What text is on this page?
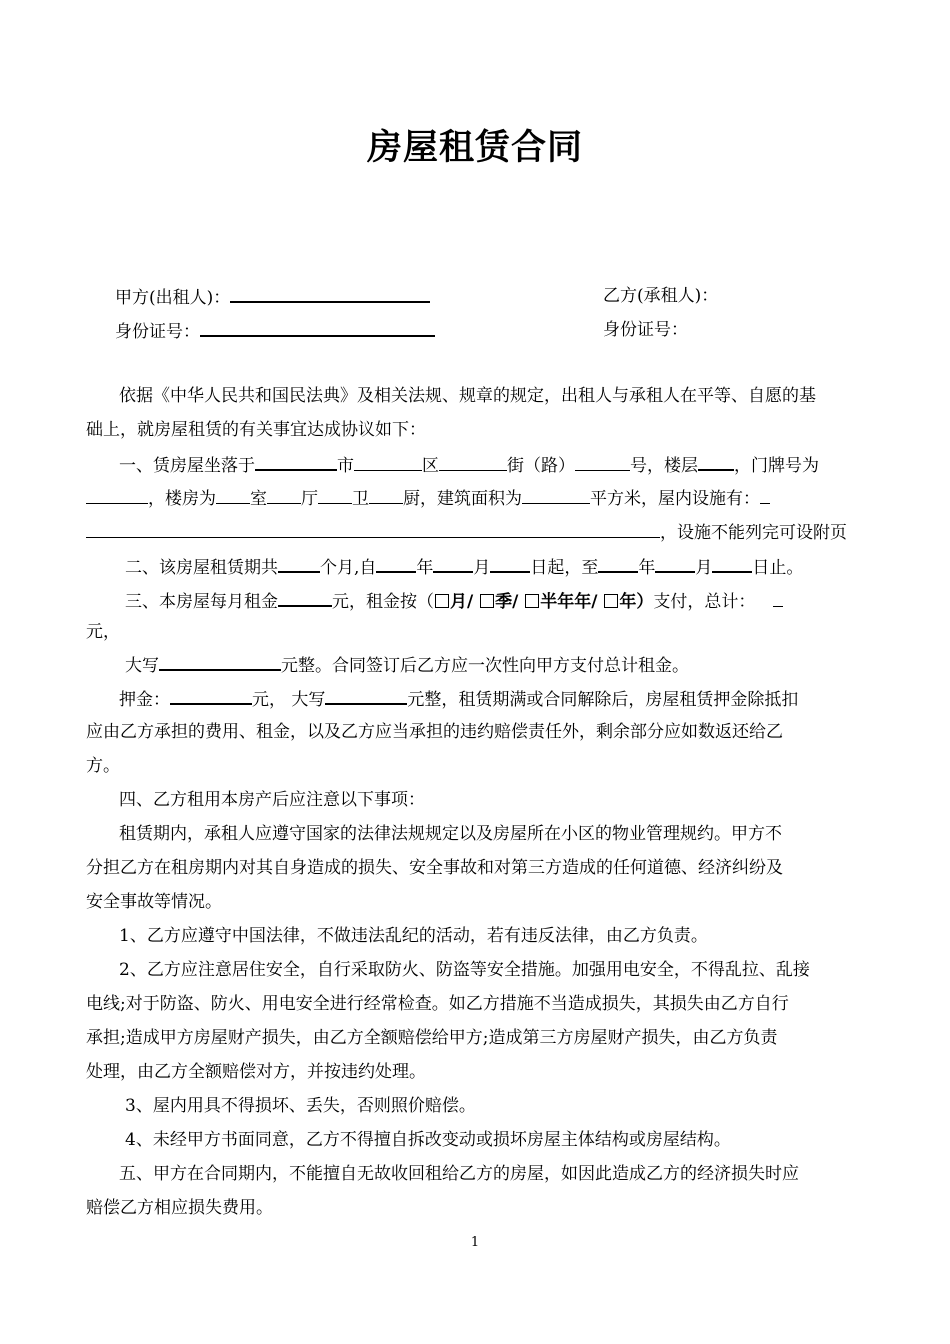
房屋租赁合同
甲方(出租人)：	乙方(承租人)：
身份证号：	身份证号：
依据《中华人民共和国民法典》及相关法规、规章的规定，出租人与承租人在平等、自愿的基
础上，就房屋租赁的有关事宜达成协议如下：
一、赁房屋坐落于	市	区	街（路）	号，楼层 ，门牌号为
，楼房为 室 厅 卫 厨，建筑面积为	平方米，屋内设施有：
，设施不能列完可设附页
二、该房屋租赁期共 个月,自 年 月 日起，至 年 月 日止。
三、本房屋每月租金	元，租金按（ 月/ 季/ 半年年/ 年）支付，总计：
元，
大写	元整。合同签订后乙方应一次性向甲方支付总计租金。
押金：	元， 大写	元整，租赁期满或合同解除后，房屋租赁押金除抵扣
应由乙方承担的费用、租金，以及乙方应当承担的违约赔偿责任外，剩余部分应如数返还给乙
方。
四、乙方租用本房产后应注意以下事项：
租赁期内，承租人应遵守国家的法律法规规定以及房屋所在小区的物业管理规约。甲方不
分担乙方在租房期内对其自身造成的损失、安全事故和对第三方造成的任何道德、经济纠纷及
安全事故等情况。
1、乙方应遵守中国法律，不做违法乱纪的活动，若有违反法律，由乙方负责。
2、乙方应注意居住安全，自行采取防火、防盗等安全措施。加强用电安全，不得乱拉、乱接
电线;对于防盗、防火、用电安全进行经常检查。如乙方措施不当造成损失，其损失由乙方自行
承担;造成甲方房屋财产损失，由乙方全额赔偿给甲方;造成第三方房屋财产损失，由乙方负责
处理，由乙方全额赔偿对方，并按违约处理。
3、屋内用具不得损坏、丢失，否则照价赔偿。
4、未经甲方书面同意，乙方不得擅自拆改变动或损坏房屋主体结构或房屋结构。
五、甲方在合同期内，不能擅自无故收回租给乙方的房屋，如因此造成乙方的经济损失时应
赔偿乙方相应损失费用。
1
